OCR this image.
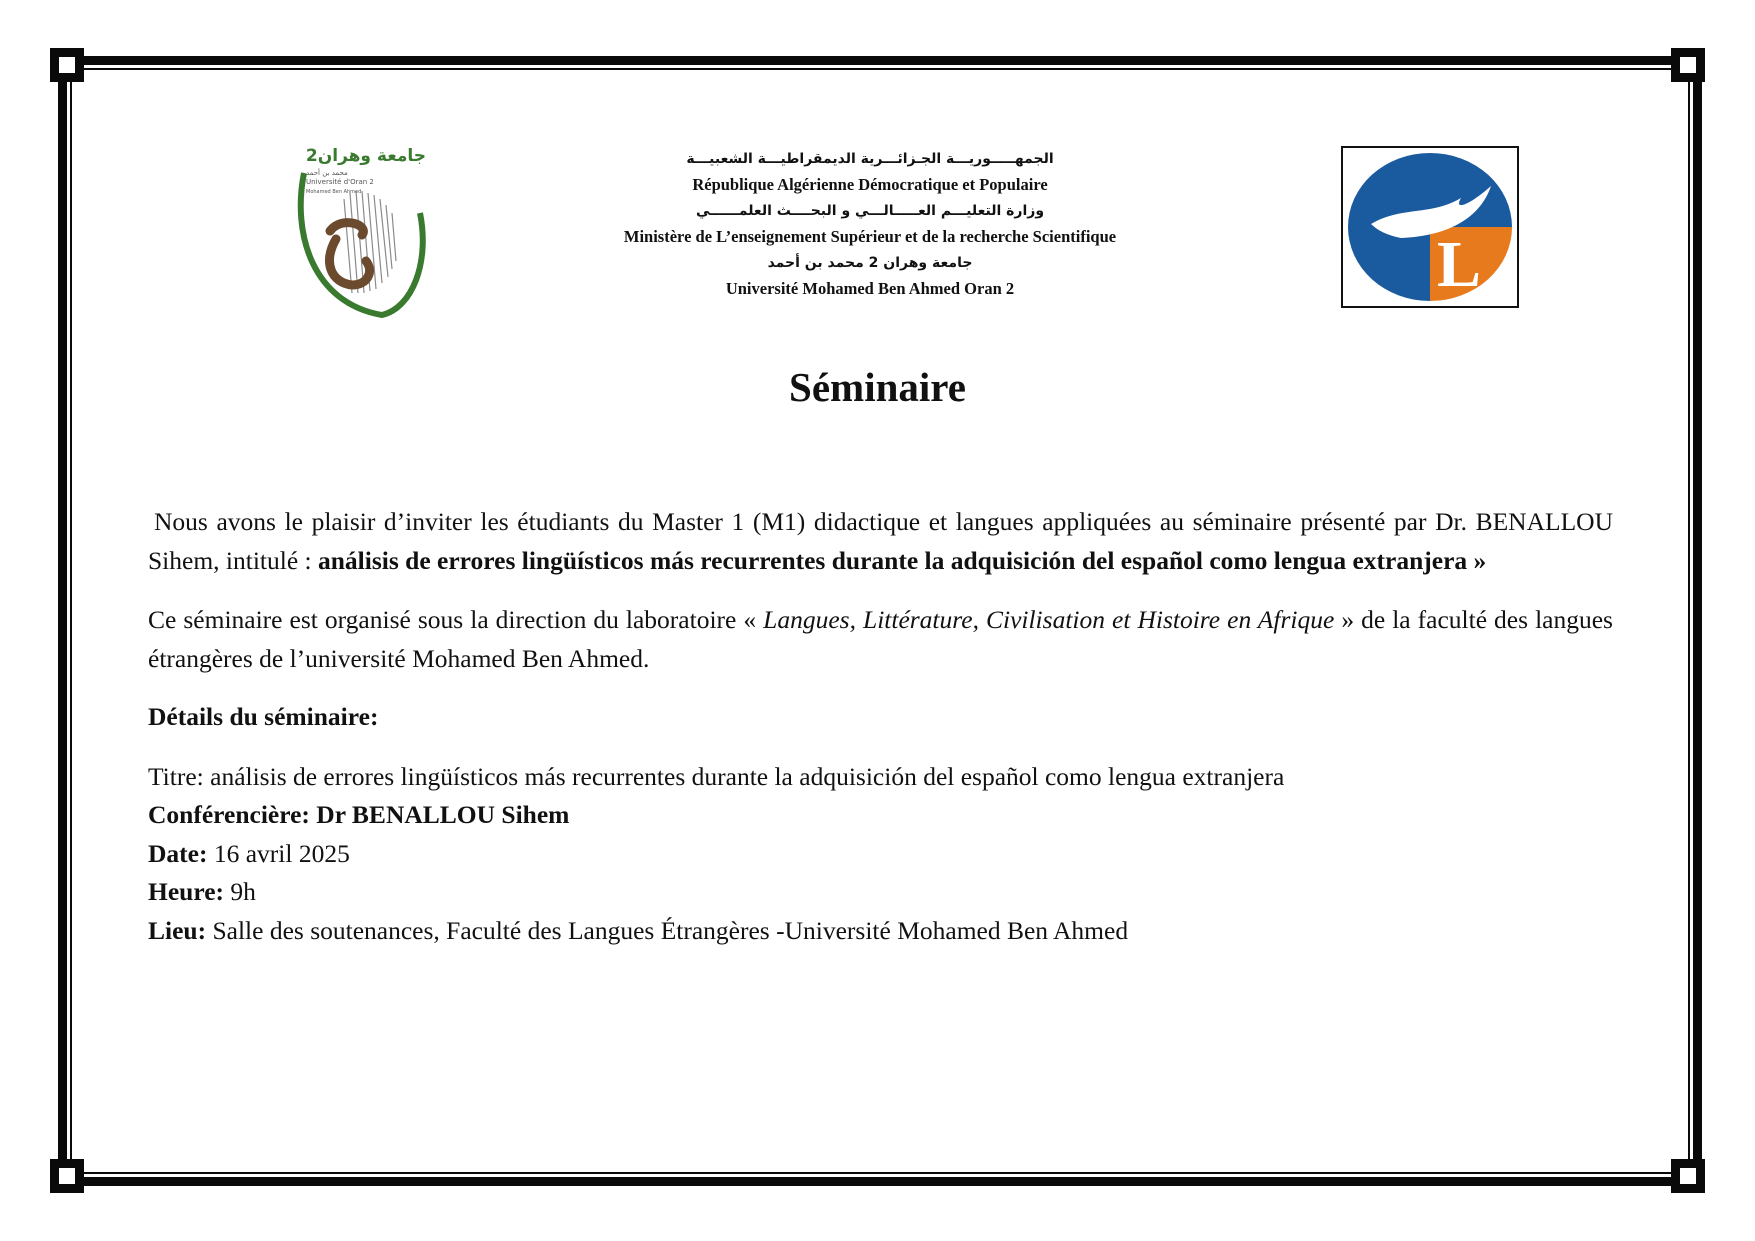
جامعة وهران2
محمد بن أحمد
Université d'Oran 2
Mohamed Ben Ahmed
الجمهـــــوريـــة الجـزائـــرية الديمقراطيـــة الشعبيـــة
République Algérienne Démocratique et Populaire
وزارة التعليـــم العـــــالـــي و البحــــث العلمــــــي
Ministère de L’enseignement Supérieur et de la recherche Scientifique
جامعة وهران 2 محمد بن أحمد
Université Mohamed Ben Ahmed Oran 2	L
Séminaire

Nous avons le plaisir d’inviter les étudiants du Master 1 (M1) didactique et langues appliquées au séminaire présenté par Dr. BENALLOU Sihem, intitulé : análisis de errores lingüísticos más recurrentes durante la adquisición del español como lengua extranjera »

Ce séminaire est organisé sous la direction du laboratoire « Langues, Littérature, Civilisation et Histoire en Afrique » de la faculté des langues étrangères de l’université Mohamed Ben Ahmed.

Détails du séminaire:

Titre: análisis de errores lingüísticos más recurrentes durante la adquisición del español como lengua extranjera
Conférencière: Dr BENALLOU Sihem
Date: 16 avril 2025
Heure: 9h
Lieu: Salle des soutenances, Faculté des Langues Étrangères -Université Mohamed Ben Ahmed
